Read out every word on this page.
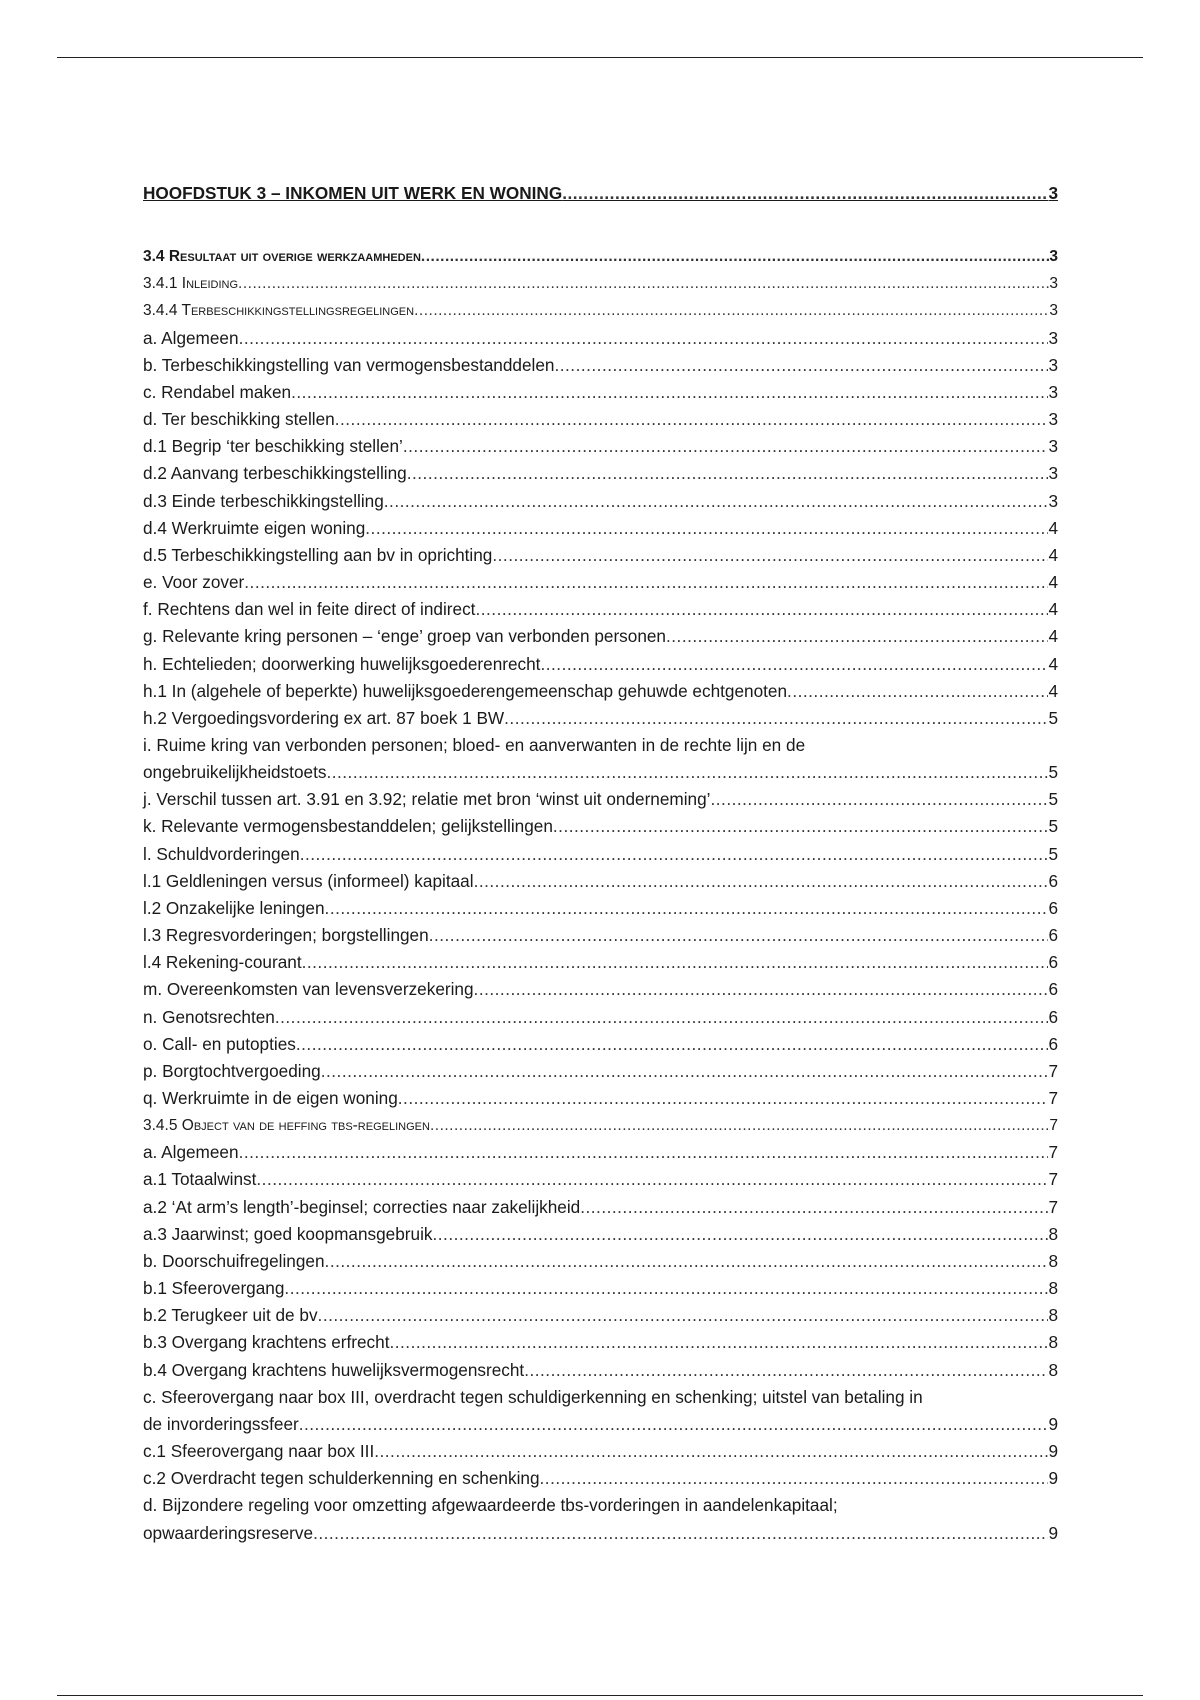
HOOFDSTUK 3 – INKOMEN UIT WERK EN WONING .....	3
3.4 Resultaat uit overige werkzaamheden .....	3
3.4.1 Inleiding .....	3
3.4.4 Terbeschikkingstellingsregelingen .....	3
a. Algemeen .....	3
b. Terbeschikkingstelling van vermogensbestanddelen .....	3
c. Rendabel maken .....	3
d. Ter beschikking stellen .....	3
d.1 Begrip ‘ter beschikking stellen’ .....	3
d.2 Aanvang terbeschikkingstelling .....	3
d.3 Einde terbeschikkingstelling .....	3
d.4 Werkruimte eigen woning .....	4
d.5 Terbeschikkingstelling aan bv in oprichting .....	4
e. Voor zover .....	4
f. Rechtens dan wel in feite direct of indirect .....	4
g. Relevante kring personen – ‘enge’ groep van verbonden personen .....	4
h. Echtelieden; doorwerking huwelijksgoederenrecht .....	4
h.1 In (algehele of beperkte) huwelijksgoederengemeenschap gehuwde echtgenoten .....	4
h.2 Vergoedingsvordering ex art. 87 boek 1 BW .....	5
i. Ruime kring van verbonden personen; bloed- en aanverwanten in de rechte lijn en de
ongebruikelijkheidstoets .....	5
j. Verschil tussen art. 3.91 en 3.92; relatie met bron ‘winst uit onderneming’ .....	5
k. Relevante vermogensbestanddelen; gelijkstellingen .....	5
l. Schuldvorderingen .....	5
l.1 Geldleningen versus (informeel) kapitaal .....	6
l.2 Onzakelijke leningen .....	6
l.3 Regresvorderingen; borgstellingen .....	6
l.4 Rekening-courant .....	6
m. Overeenkomsten van levensverzekering .....	6
n. Genotsrechten .....	6
o. Call- en putopties .....	6
p. Borgtochtvergoeding .....	7
q. Werkruimte in de eigen woning .....	7
3.4.5 Object van de heffing tbs-regelingen .....	7
a. Algemeen .....	7
a.1 Totaalwinst .....	7
a.2 ‘At arm’s length’-beginsel; correcties naar zakelijkheid .....	7
a.3 Jaarwinst; goed koopmansgebruik .....	8
b. Doorschuifregelingen .....	8
b.1 Sfeerovergang .....	8
b.2 Terugkeer uit de bv .....	8
b.3 Overgang krachtens erfrecht .....	8
b.4 Overgang krachtens huwelijksvermogensrecht .....	8
c. Sfeerovergang naar box III, overdracht tegen schuldigerkenning en schenking; uitstel van betaling in
de invorderingssfeer .....	9
c.1 Sfeerovergang naar box III .....	9
c.2 Overdracht tegen schulderkenning en schenking .....	9
d. Bijzondere regeling voor omzetting afgewaardeerde tbs-vorderingen in aandelenkapitaal;
opwaarderingsreserve .....	9
